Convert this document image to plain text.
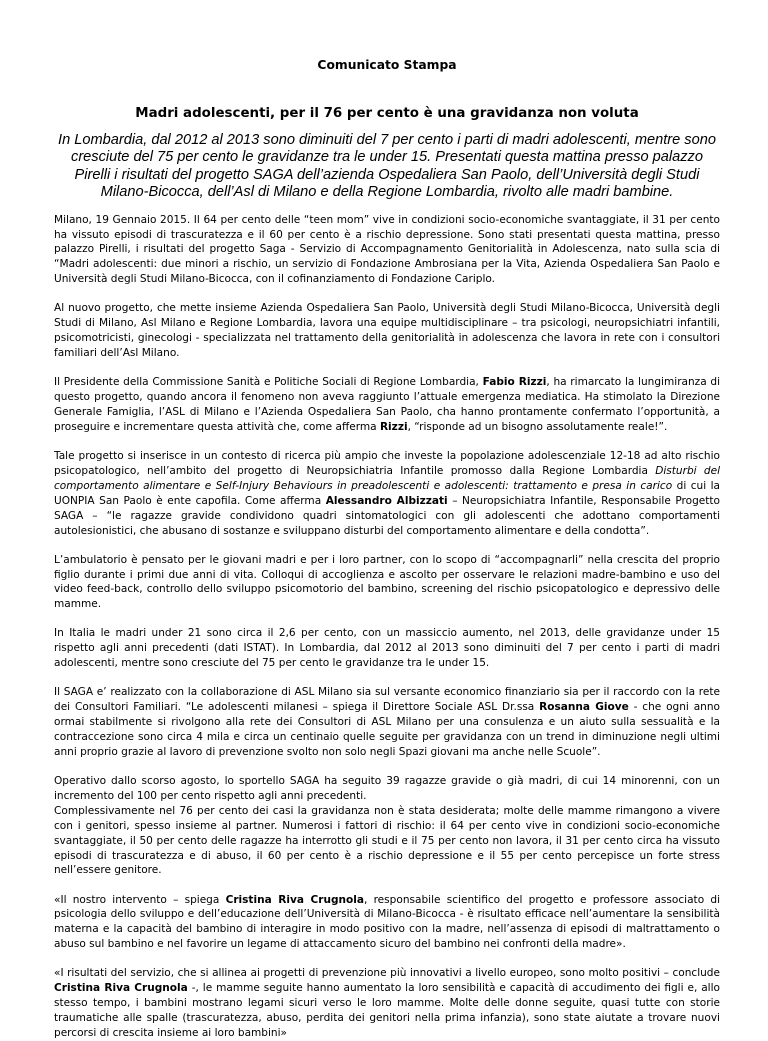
Comunicato Stampa
Madri adolescenti, per il 76 per cento è una gravidanza non voluta
In Lombardia, dal 2012 al 2013 sono diminuiti del 7 per cento i parti di madri adolescenti, mentre sono cresciute del 75 per cento le gravidanze tra le under 15. Presentati questa mattina presso palazzo Pirelli i risultati del progetto SAGA dell’azienda Ospedaliera San Paolo, dell’Università degli Studi Milano-Bicocca, dell’Asl di Milano e della Regione Lombardia, rivolto alle madri bambine.
Milano, 19 Gennaio 2015. Il 64 per cento delle “teen mom” vive in condizioni socio-economiche svantaggiate, il 31 per cento ha vissuto episodi di trascuratezza e il 60 per cento è a rischio depressione. Sono stati presentati questa mattina, presso palazzo Pirelli, i risultati del progetto Saga - Servizio di Accompagnamento Genitorialità in Adolescenza, nato sulla scia di “Madri adolescenti: due minori a rischio, un servizio di Fondazione Ambrosiana per la Vita, Azienda Ospedaliera San Paolo e Università degli Studi Milano-Bicocca, con il cofinanziamento di Fondazione Cariplo.
Al nuovo progetto, che mette insieme Azienda Ospedaliera San Paolo, Università degli Studi Milano-Bicocca, Università degli Studi di Milano, Asl Milano e Regione Lombardia, lavora una equipe multidisciplinare – tra psicologi, neuropsichiatri infantili, psicomotricisti, ginecologi - specializzata nel trattamento della genitorialità in adolescenza che lavora in rete con i consultori familiari dell’Asl Milano.
Il Presidente della Commissione Sanità e Politiche Sociali di Regione Lombardia, Fabio Rizzi, ha rimarcato la lungimiranza di questo progetto, quando ancora il fenomeno non aveva raggiunto l’attuale emergenza mediatica. Ha stimolato la Direzione Generale Famiglia, l’ASL di Milano e l’Azienda Ospedaliera San Paolo, cha hanno prontamente confermato l’opportunità, a proseguire e incrementare questa attività che, come afferma Rizzi, “risponde ad un bisogno assolutamente reale!”.
Tale progetto si inserisce in un contesto di ricerca più ampio che investe la popolazione adolescenziale 12-18 ad alto rischio psicopatologico, nell’ambito del progetto di Neuropsichiatria Infantile promosso dalla Regione Lombardia Disturbi del comportamento alimentare e Self-Injury Behaviours in preadolescenti e adolescenti: trattamento e presa in carico di cui la UONPIA San Paolo è ente capofila. Come afferma Alessandro Albizzati – Neuropsichiatra Infantile, Responsabile Progetto SAGA – “le ragazze gravide condividono quadri sintomatologici con gli adolescenti che adottano comportamenti autolesionistici, che abusano di sostanze e sviluppano disturbi del comportamento alimentare e della condotta”.
L’ambulatorio è pensato per le giovani madri e per i loro partner, con lo scopo di “accompagnarli” nella crescita del proprio figlio durante i primi due anni di vita. Colloqui di accoglienza e ascolto per osservare le relazioni madre-bambino e uso del video feed-back, controllo dello sviluppo psicomotorio del bambino, screening del rischio psicopatologico e depressivo delle mamme.
In Italia le madri under 21 sono circa il 2,6 per cento, con un massiccio aumento, nel 2013, delle gravidanze under 15 rispetto agli anni precedenti (dati ISTAT). In Lombardia, dal 2012 al 2013 sono diminuiti del 7 per cento i parti di madri adolescenti, mentre sono cresciute del 75 per cento le gravidanze tra le under 15.
Il SAGA e’ realizzato con la collaborazione di ASL Milano sia sul versante economico finanziario sia per il raccordo con la rete dei Consultori Familiari. “Le adolescenti milanesi – spiega il Direttore Sociale ASL Dr.ssa Rosanna Giove - che ogni anno ormai stabilmente si rivolgono alla rete dei Consultori di ASL Milano per una consulenza e un aiuto sulla sessualità e la contraccezione sono circa 4 mila e circa un centinaio quelle seguite per gravidanza con un trend in diminuzione negli ultimi anni proprio grazie al lavoro di prevenzione svolto non solo negli Spazi giovani ma anche nelle Scuole”.
Operativo dallo scorso agosto, lo sportello SAGA ha seguito 39 ragazze gravide o già madri, di cui 14 minorenni, con un incremento del 100 per cento rispetto agli anni precedenti.
Complessivamente nel 76 per cento dei casi la gravidanza non è stata desiderata; molte delle mamme rimangono a vivere con i genitori, spesso insieme al partner. Numerosi i fattori di rischio: il 64 per cento vive in condizioni socio-economiche svantaggiate, il 50 per cento delle ragazze ha interrotto gli studi e il 75 per cento non lavora, il 31 per cento circa ha vissuto episodi di trascuratezza e di abuso, il 60 per cento è a rischio depressione e il 55 per cento percepisce un forte stress nell’essere genitore.
«Il nostro intervento – spiega Cristina Riva Crugnola, responsabile scientifico del progetto e professore associato di psicologia dello sviluppo e dell’educazione dell’Università di Milano-Bicocca - è risultato efficace nell’aumentare la sensibilità materna e la capacità del bambino di interagire in modo positivo con la madre, nell’assenza di episodi di maltrattamento o abuso sul bambino e nel favorire un legame di attaccamento sicuro del bambino nei confronti della madre».
«I risultati del servizio, che si allinea ai progetti di prevenzione più innovativi a livello europeo, sono molto positivi – conclude Cristina Riva Crugnola -, le mamme seguite hanno aumentato la loro sensibilità e capacità di accudimento dei figli e, allo stesso tempo, i bambini mostrano legami sicuri verso le loro mamme. Molte delle donne seguite, quasi tutte con storie traumatiche alle spalle (trascuratezza, abuso, perdita dei genitori nella prima infanzia), sono state aiutate a trovare nuovi percorsi di crescita insieme ai loro bambini»
